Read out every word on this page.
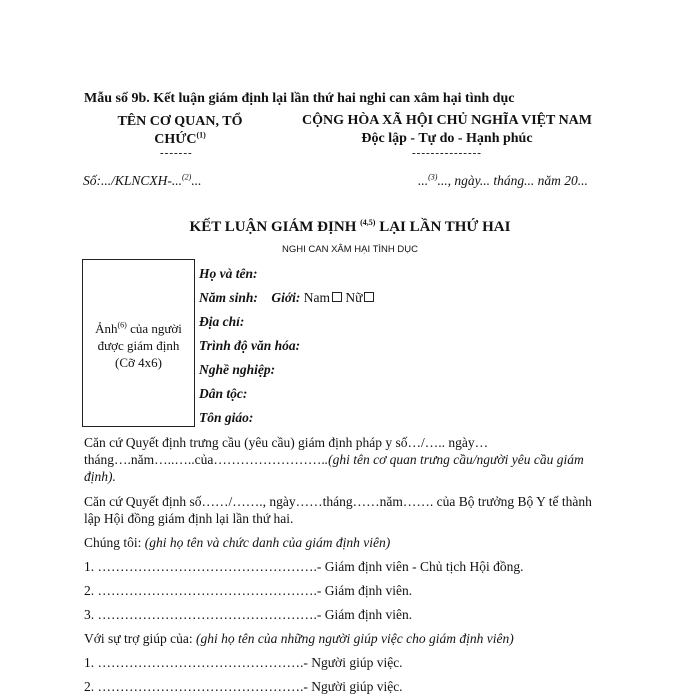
Mẫu số 9b. Kết luận giám định lại lần thứ hai nghi can xâm hại tình dục
TÊN CƠ QUAN, TỔ CHỨC$^{(1)}$
-------
CỘNG HÒA XÃ HỘI CHỦ NGHĨA VIỆT NAM
Độc lập - Tự do - Hạnh phúc
---------------
Số:.../KLNCXH-...$^{(2)}$...	...$^{(3)}$..., ngày... tháng... năm 20...
KẾT LUẬN GIÁM ĐỊNH $^{(4,5)}$ LẠI LẦN THỨ HAI
NGHI CAN XÂM HẠI TÌNH DỤC
Ảnh$^{(6)}$ của người
được giám định
(Cỡ 4x6)
Họ và tên:
Năm sinh: Giới: Nam Nữ
Địa chỉ:
Trình độ văn hóa:
Nghề nghiệp:
Dân tộc:
Tôn giáo:
Căn cứ Quyết định trưng cầu (yêu cầu) giám định pháp y số…/….. ngày… tháng….năm…..…..của……………………..(ghi tên cơ quan trưng cầu/người yêu cầu giám định).
Căn cứ Quyết định số……/……., ngày……tháng……năm……. của Bộ trưởng Bộ Y tế thành lập Hội đồng giám định lại lần thứ hai.
Chúng tôi: (ghi họ tên và chức danh của giám định viên)
1. ………………………………………….- Giám định viên - Chủ tịch Hội đồng.
2. ………………………………………….- Giám định viên.
3. ………………………………………….- Giám định viên.
Với sự trợ giúp của: (ghi họ tên của những người giúp việc cho giám định viên)
1. ……………………………………….- Người giúp việc.
2. ……………………………………….- Người giúp việc.
